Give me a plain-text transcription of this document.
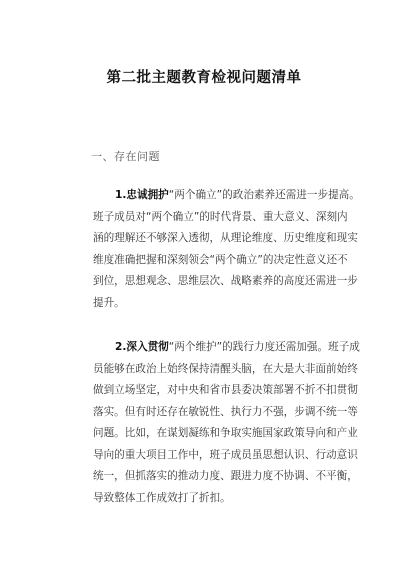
第二批主题教育检视问题清单

一、存在问题

1.忠诚拥护“两个确立”的政治素养还需进一步提高。
班子成员对“两个确立”的时代背景、重大意义、深刻内
涵的理解还不够深入透彻，从理论维度、历史维度和现实
维度准确把握和深刻领会“两个确立”的决定性意义还不
到位，思想观念、思维层次、战略素养的高度还需进一步
提升。
2.深入贯彻“两个维护”的践行力度还需加强。班子成
员能够在政治上始终保持清醒头脑，在大是大非面前始终
做到立场坚定，对中央和省市县委决策部署不折不扣贯彻
落实。但有时还存在敏锐性、执行力不强，步调不统一等
问题。比如，在谋划凝练和争取实施国家政策导向和产业
导向的重大项目工作中，班子成员虽思想认识、行动意识
统一，但抓落实的推动力度、跟进力度不协调、不平衡，
导致整体工作成效打了折扣。
